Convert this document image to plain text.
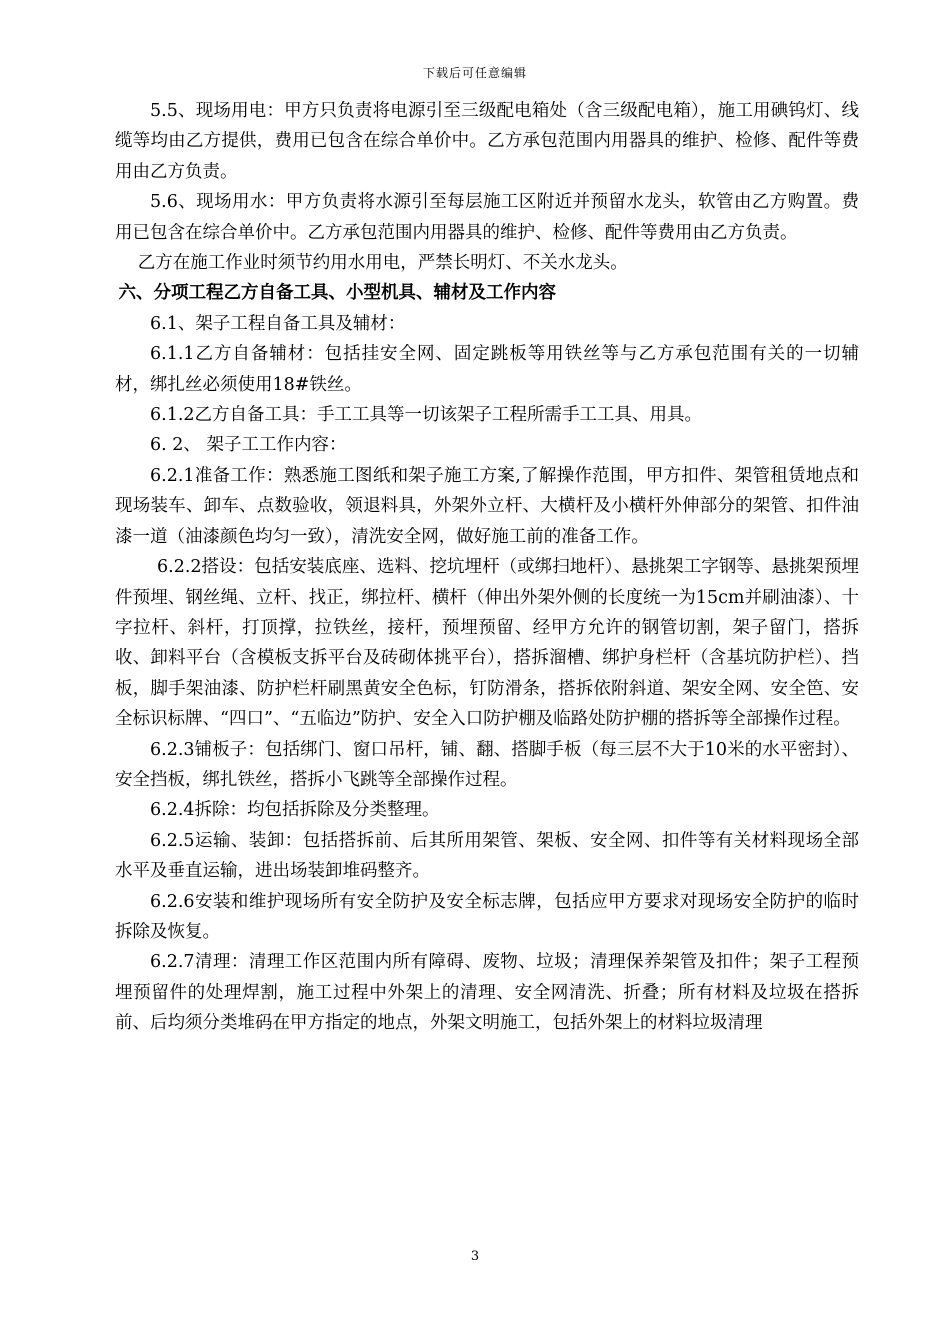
下载后可任意编辑

5.5、现场用电：甲方只负责将电源引至三级配电箱处（含三级配电箱），施工用碘钨灯、线缆等均由乙方提供，费用已包含在综合单价中。乙方承包范围内用器具的维护、检修、配件等费用由乙方负责。

5.6、现场用水：甲方负责将水源引至每层施工区附近并预留水龙头，软管由乙方购置。费用已包含在综合单价中。乙方承包范围内用器具的维护、检修、配件等费用由乙方负责。

乙方在施工作业时须节约用水用电，严禁长明灯、不关水龙头。

六、分项工程乙方自备工具、小型机具、辅材及工作内容

6.1、架子工程自备工具及辅材：

6.1.1乙方自备辅材：包括挂安全网、固定跳板等用铁丝等与乙方承包范围有关的一切辅材，绑扎丝必须使用18#铁丝。

6.1.2乙方自备工具：手工工具等一切该架子工程所需手工工具、用具。

6. 2、 架子工工作内容：

6.2.1准备工作：熟悉施工图纸和架子施工方案,了解操作范围，甲方扣件、架管租赁地点和现场装车、卸车、点数验收，领退料具，外架外立杆、大横杆及小横杆外伸部分的架管、扣件油漆一道（油漆颜色均匀一致），清洗安全网，做好施工前的准备工作。

6.2.2搭设：包括安装底座、选料、挖坑埋杆（或绑扫地杆）、悬挑架工字钢等、悬挑架预埋件预埋、钢丝绳、立杆、找正，绑拉杆、横杆（伸出外架外侧的长度统一为15cm并刷油漆）、十字拉杆、斜杆，打顶撑，拉铁丝，接杆，预埋预留、经甲方允许的钢管切割，架子留门，搭拆收、卸料平台（含模板支拆平台及砖砌体挑平台），搭拆溜槽、绑护身栏杆（含基坑防护栏）、挡板，脚手架油漆、防护栏杆刷黑黄安全色标，钉防滑条，搭拆依附斜道、架安全网、安全笆、安全标识标牌、“四口”、“五临边”防护、安全入口防护棚及临路处防护棚的搭拆等全部操作过程。

6.2.3铺板子：包括绑门、窗口吊杆，铺、翻、搭脚手板（每三层不大于10米的水平密封）、安全挡板，绑扎铁丝，搭拆小飞跳等全部操作过程。

6.2.4拆除：均包括拆除及分类整理。

6.2.5运输、装卸：包括搭拆前、后其所用架管、架板、安全网、扣件等有关材料现场全部水平及垂直运输，进出场装卸堆码整齐。

6.2.6安装和维护现场所有安全防护及安全标志牌，包括应甲方要求对现场安全防护的临时拆除及恢复。

6.2.7清理：清理工作区范围内所有障碍、废物、垃圾；清理保养架管及扣件；架子工程预埋预留件的处理焊割，施工过程中外架上的清理、安全网清洗、折叠；所有材料及垃圾在搭拆前、后均须分类堆码在甲方指定的地点，外架文明施工，包括外架上的材料垃圾清理

3
